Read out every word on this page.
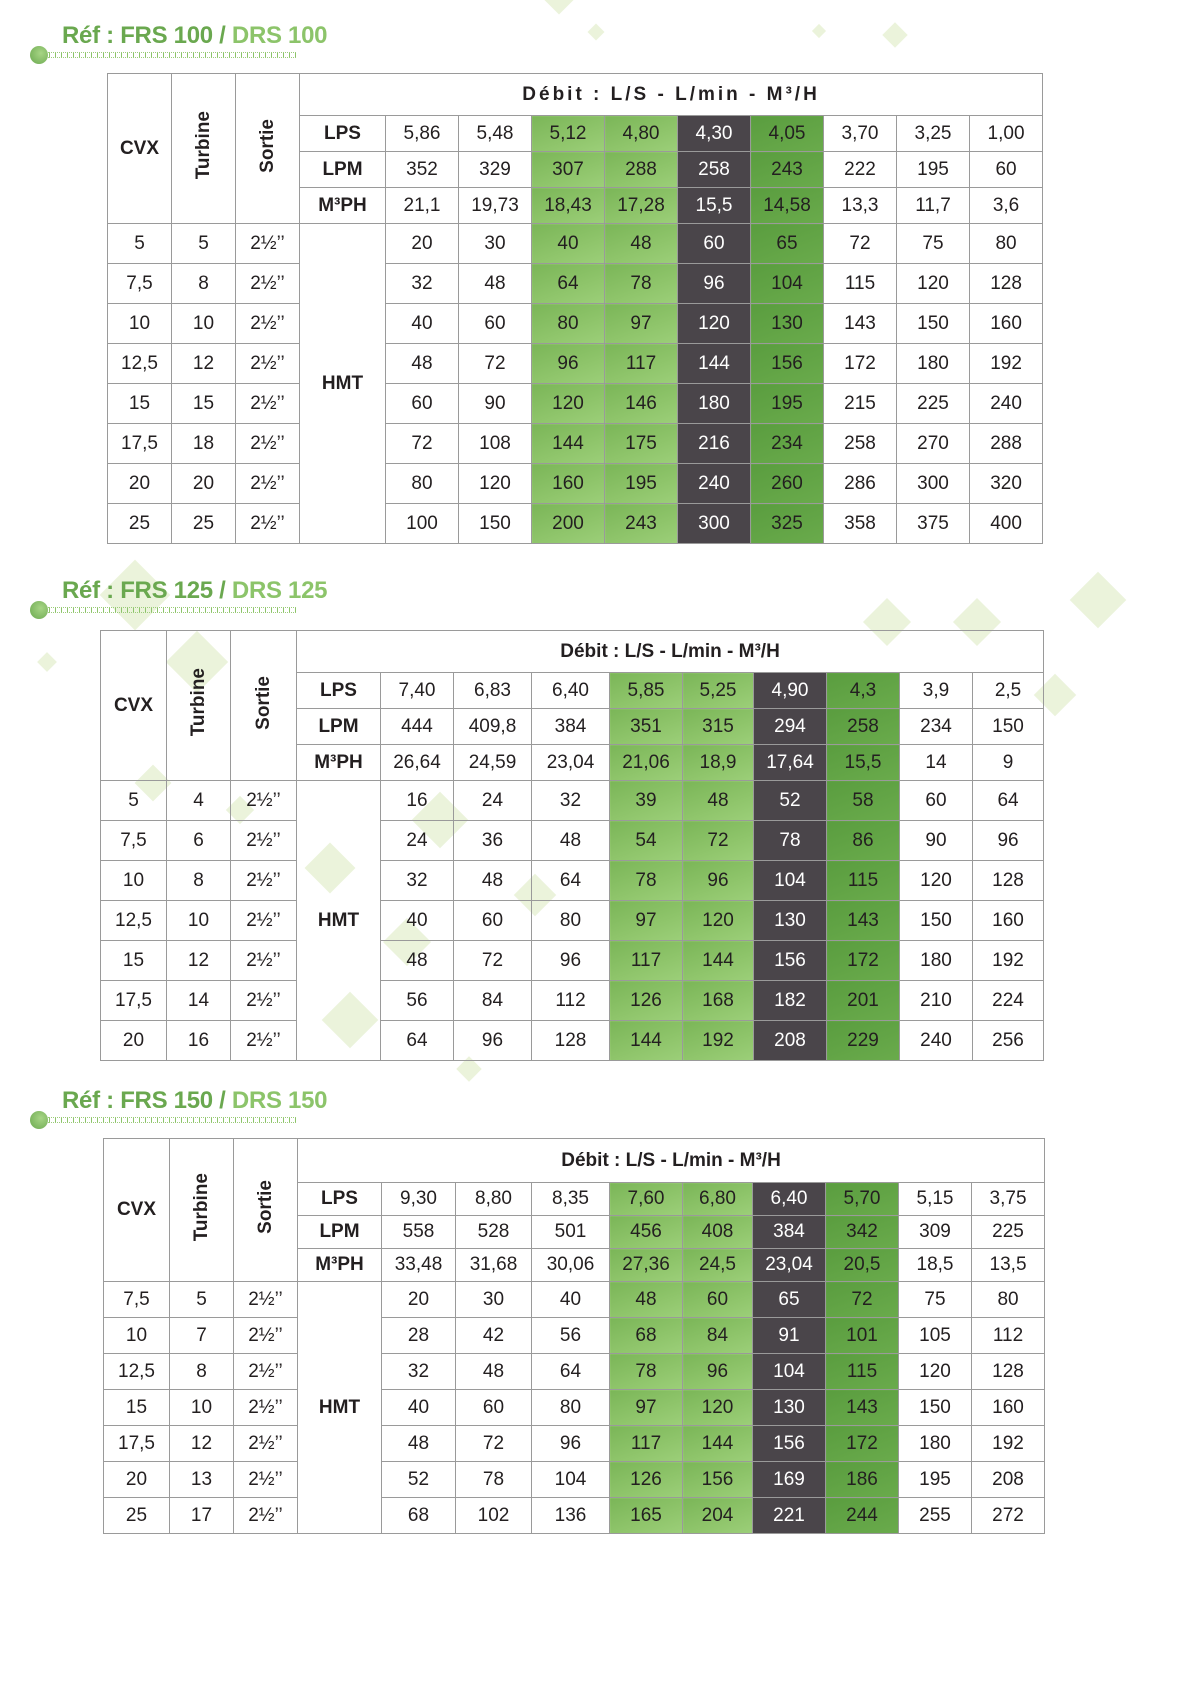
Réf : FRS 100 / DRS 100
CVX	Turbine	Sortie	Débit : L/S - L/min - M³/H									
			LPS	5,86	5,48	5,12	4,80	4,30	4,05	3,70	3,25	1,00
			LPM	352	329	307	288	258	243	222	195	60
			M³PH	21,1	19,73	18,43	17,28	15,5	14,58	13,3	11,7	3,6
5	5	2½’’	HMT	20	30	40	48	60	65	72	75	80
7,5	8	2½’’		32	48	64	78	96	104	115	120	128
10	10	2½’’		40	60	80	97	120	130	143	150	160
12,5	12	2½’’		48	72	96	117	144	156	172	180	192
15	15	2½’’		60	90	120	146	180	195	215	225	240
17,5	18	2½’’		72	108	144	175	216	234	258	270	288
20	20	2½’’		80	120	160	195	240	260	286	300	320
25	25	2½’’		100	150	200	243	300	325	358	375	400
Réf : FRS 125 / DRS 125
CVX	Turbine	Sortie	Débit : L/S - L/min - M³/H									
			LPS	7,40	6,83	6,40	5,85	5,25	4,90	4,3	3,9	2,5
			LPM	444	409,8	384	351	315	294	258	234	150
			M³PH	26,64	24,59	23,04	21,06	18,9	17,64	15,5	14	9
5	4	2½’’	HMT	16	24	32	39	48	52	58	60	64
7,5	6	2½’’		24	36	48	54	72	78	86	90	96
10	8	2½’’		32	48	64	78	96	104	115	120	128
12,5	10	2½’’		40	60	80	97	120	130	143	150	160
15	12	2½’’		48	72	96	117	144	156	172	180	192
17,5	14	2½’’		56	84	112	126	168	182	201	210	224
20	16	2½’’		64	96	128	144	192	208	229	240	256
Réf : FRS 150 / DRS 150
CVX	Turbine	Sortie	Débit : L/S - L/min - M³/H									
			LPS	9,30	8,80	8,35	7,60	6,80	6,40	5,70	5,15	3,75
			LPM	558	528	501	456	408	384	342	309	225
			M³PH	33,48	31,68	30,06	27,36	24,5	23,04	20,5	18,5	13,5
7,5	5	2½’’	HMT	20	30	40	48	60	65	72	75	80
10	7	2½’’		28	42	56	68	84	91	101	105	112
12,5	8	2½’’		32	48	64	78	96	104	115	120	128
15	10	2½’’		40	60	80	97	120	130	143	150	160
17,5	12	2½’’		48	72	96	117	144	156	172	180	192
20	13	2½’’		52	78	104	126	156	169	186	195	208
25	17	2½’’		68	102	136	165	204	221	244	255	272
